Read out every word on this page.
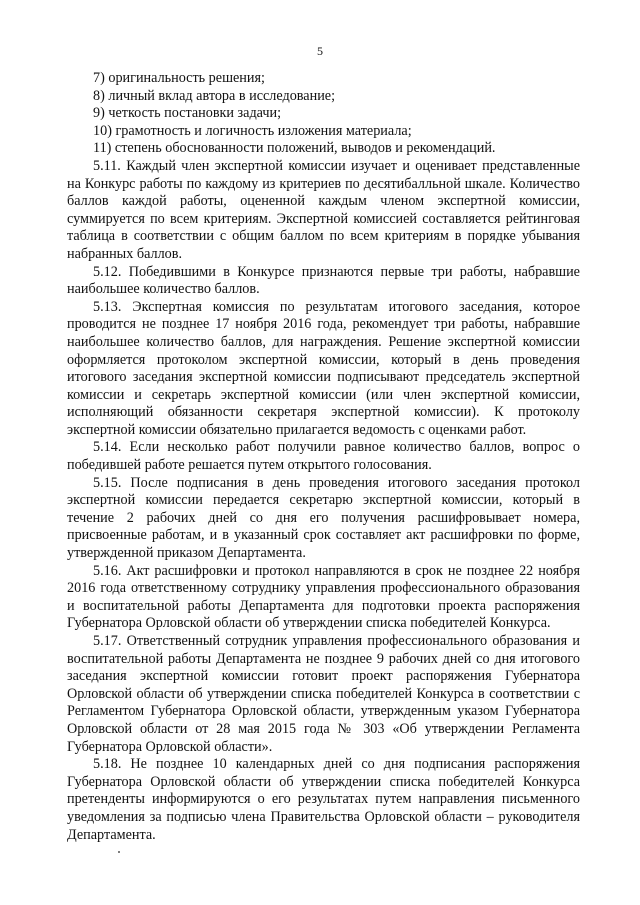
5

7) оригинальность решения;

8) личный вклад автора в исследование;

9) четкость постановки задачи;

10) грамотность и логичность изложения материала;

11) степень обоснованности положений, выводов и рекомендаций.

5.11. Каждый член экспертной комиссии изучает и оценивает представленные на Конкурс работы по каждому из критериев по десятибалльной шкале. Количество баллов каждой работы, оцененной каждым членом экспертной комиссии, суммируется по всем критериям. Экспертной комиссией составляется рейтинговая таблица в соответствии с общим баллом по всем критериям в порядке убывания набранных баллов.

5.12. Победившими в Конкурсе признаются первые три работы, набравшие наибольшее количество баллов.

5.13. Экспертная комиссия по результатам итогового заседания, которое проводится не позднее 17 ноября 2016 года, рекомендует три работы, набравшие наибольшее количество баллов, для награждения. Решение экспертной комиссии оформляется протоколом экспертной комиссии, который в день проведения итогового заседания экспертной комиссии подписывают председатель экспертной комиссии и секретарь экспертной комиссии (или член экспертной комиссии, исполняющий обязанности секретаря экспертной комиссии). К протоколу экспертной комиссии обязательно прилагается ведомость с оценками работ.

5.14. Если несколько работ получили равное количество баллов, вопрос о победившей работе решается путем открытого голосования.

5.15. После подписания в день проведения итогового заседания протокол экспертной комиссии передается секретарю экспертной комиссии, который в течение 2 рабочих дней со дня его получения расшифровывает номера, присвоенные работам, и в указанный срок составляет акт расшифровки по форме, утвержденной приказом Департамента.

5.16. Акт расшифровки и протокол направляются в срок не позднее 22 ноября 2016 года ответственному сотруднику управления профессионального образования и воспитательной работы Департамента для подготовки проекта распоряжения Губернатора Орловской области об утверждении списка победителей Конкурса.

5.17. Ответственный сотрудник управления профессионального образования и воспитательной работы Департамента не позднее 9 рабочих дней со дня итогового заседания экспертной комиссии готовит проект распоряжения Губернатора Орловской области об утверждении списка победителей Конкурса в соответствии с Регламентом Губернатора Орловской области, утвержденным указом Губернатора Орловской области от 28 мая 2015 года № 303 «Об утверждении Регламента Губернатора Орловской области».

5.18. Не позднее 10 календарных дней со дня подписания распоряжения Губернатора Орловской области об утверждении списка победителей Конкурса претенденты информируются о его результатах путем направления письменного уведомления за подписью члена Правительства Орловской области – руководителя Департамента.
